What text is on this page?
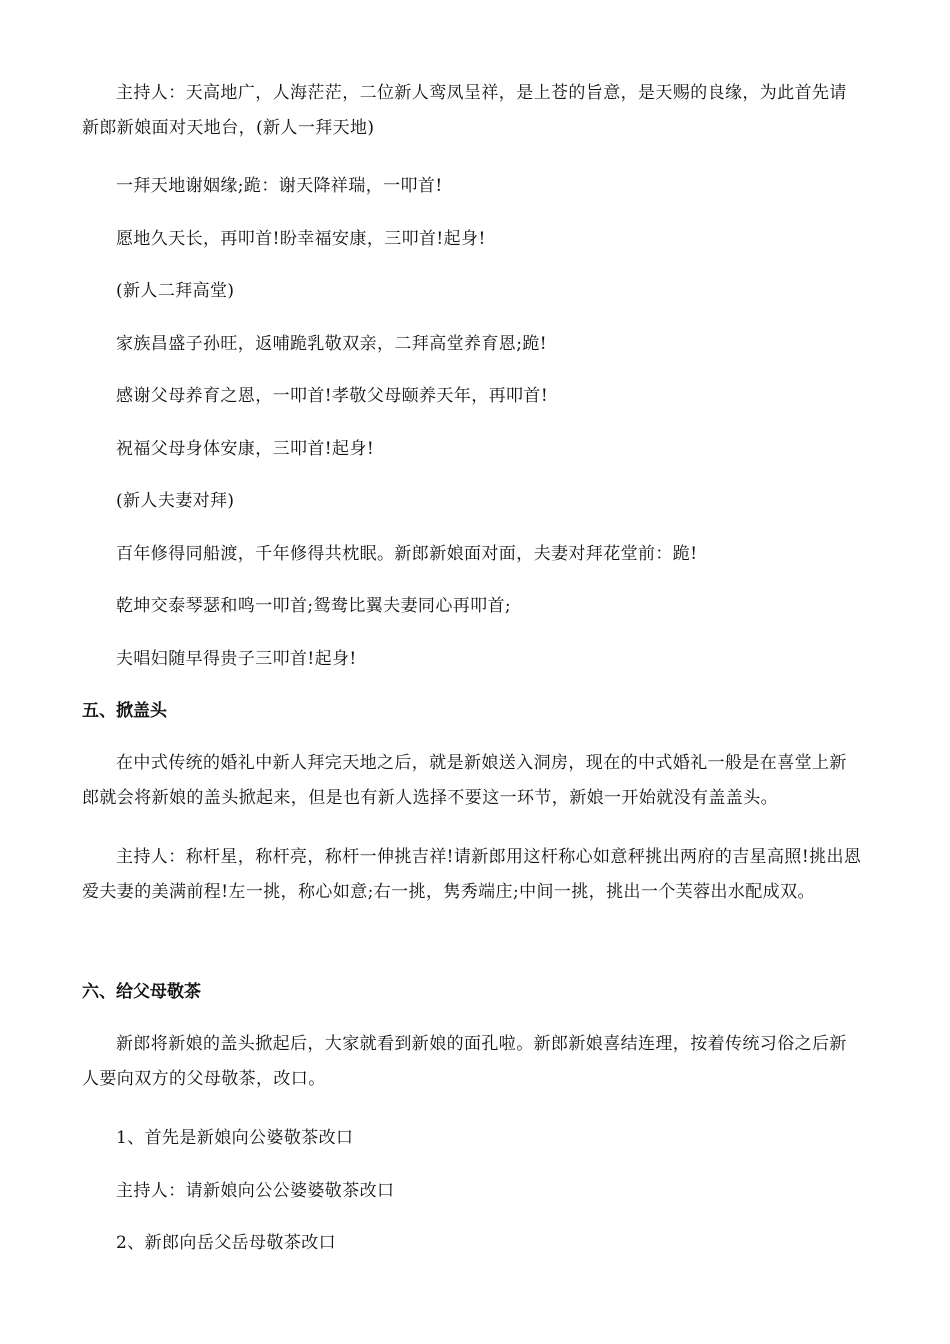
主持人：天高地广，人海茫茫，二位新人鸾凤呈祥，是上苍的旨意，是天赐的良缘，为此首先请新郎新娘面对天地台，(新人一拜天地)

一拜天地谢姻缘;跪：谢天降祥瑞，一叩首!

愿地久天长，再叩首!盼幸福安康，三叩首!起身!

(新人二拜高堂)

家族昌盛子孙旺，返哺跪乳敬双亲，二拜高堂养育恩;跪!

感谢父母养育之恩，一叩首!孝敬父母颐养天年，再叩首!

祝福父母身体安康，三叩首!起身!

(新人夫妻对拜)

百年修得同船渡，千年修得共枕眠。新郎新娘面对面，夫妻对拜花堂前：跪!

乾坤交泰琴瑟和鸣一叩首;鸳鸯比翼夫妻同心再叩首;

夫唱妇随早得贵子三叩首!起身!

五、掀盖头

在中式传统的婚礼中新人拜完天地之后，就是新娘送入洞房，现在的中式婚礼一般是在喜堂上新郎就会将新娘的盖头掀起来，但是也有新人选择不要这一环节，新娘一开始就没有盖盖头。

主持人：称杆星，称杆亮，称杆一伸挑吉祥!请新郎用这杆称心如意秤挑出两府的吉星高照!挑出恩爱夫妻的美满前程!左一挑，称心如意;右一挑，隽秀端庄;中间一挑，挑出一个芙蓉出水配成双。

六、给父母敬茶

新郎将新娘的盖头掀起后，大家就看到新娘的面孔啦。新郎新娘喜结连理，按着传统习俗之后新人要向双方的父母敬茶，改口。

1、首先是新娘向公婆敬茶改口

主持人：请新娘向公公婆婆敬茶改口

2、新郎向岳父岳母敬茶改口
